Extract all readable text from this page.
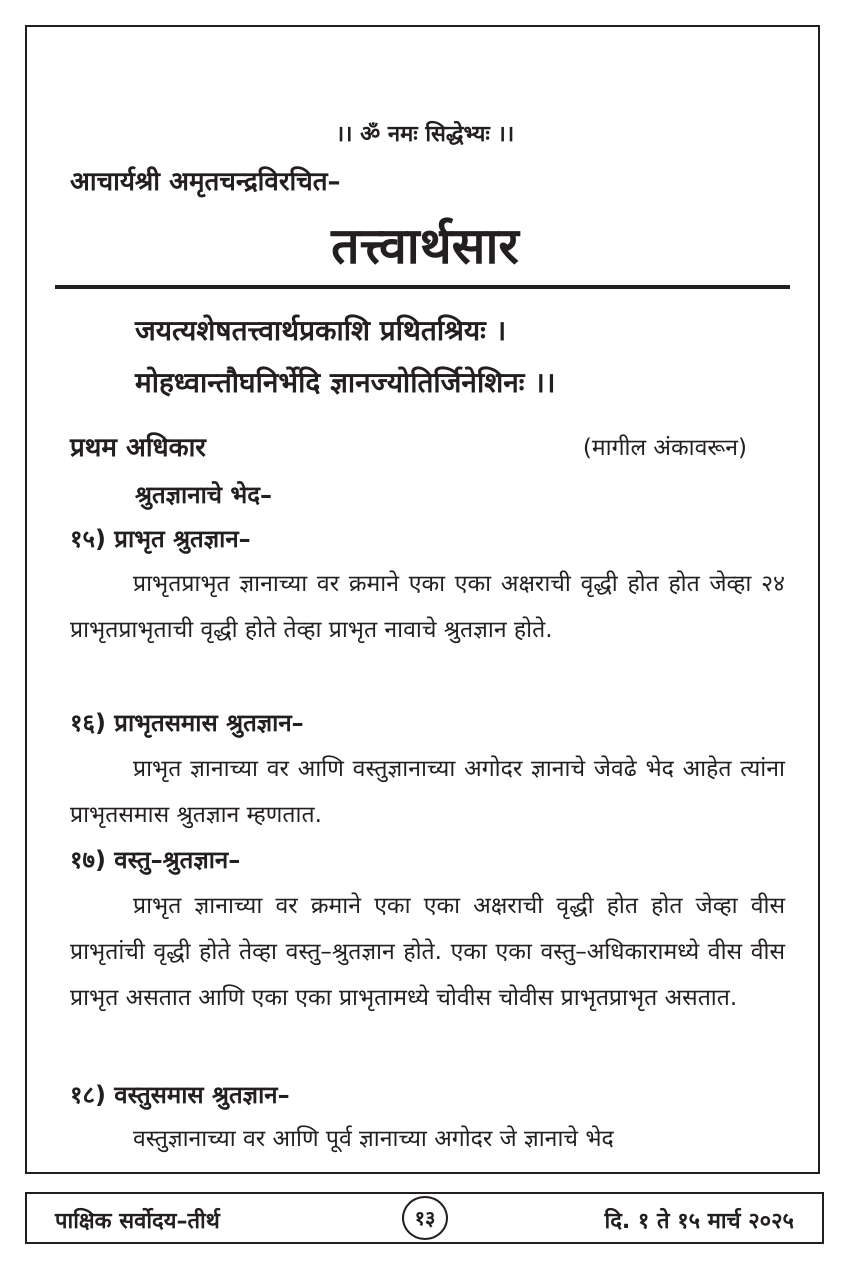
।। ॐ नमः सिद्धेभ्यः ।।
आचार्यश्री अमृतचन्द्रविरचित–
तत्त्वार्थसार
जयत्यशेषतत्त्वार्थप्रकाशि प्रथितश्रियः ।
मोहध्वान्तौघनिर्भेदि ज्ञानज्योतिर्जिनेशिनः ।।
प्रथम अधिकार	(मागील अंकावरून)
श्रुतज्ञानाचे भेद–
१५) प्राभृत श्रुतज्ञान–

प्राभृतप्राभृत ज्ञानाच्या वर क्रमाने एका एका अक्षराची वृद्धी होत होत जेव्हा २४ प्राभृतप्राभृताची वृद्धी होते तेव्हा प्राभृत नावाचे श्रुतज्ञान होते.

१६) प्राभृतसमास श्रुतज्ञान–

प्राभृत ज्ञानाच्या वर आणि वस्तुज्ञानाच्या अगोदर ज्ञानाचे जेवढे भेद आहेत त्यांना प्राभृतसमास श्रुतज्ञान म्हणतात.

१७) वस्तु–श्रुतज्ञान–

प्राभृत ज्ञानाच्या वर क्रमाने एका एका अक्षराची वृद्धी होत होत जेव्हा वीस प्राभृतांची वृद्धी होते तेव्हा वस्तु–श्रुतज्ञान होते. एका एका वस्तु–अधिकारामध्ये वीस वीस प्राभृत असतात आणि एका एका प्राभृतामध्ये चोवीस चोवीस प्राभृतप्राभृत असतात.

१८) वस्तुसमास श्रुतज्ञान–

वस्तुज्ञानाच्या वर आणि पूर्व ज्ञानाच्या अगोदर जे ज्ञानाचे भेद

पाक्षिक सर्वोदय–तीर्थ	१३	दि. १ ते १५ मार्च २०२५
